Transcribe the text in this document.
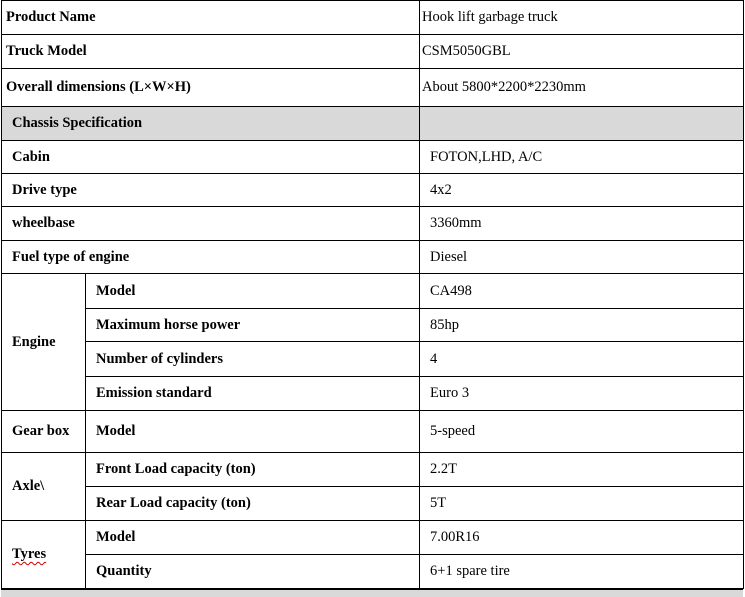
Product Name		Hook lift garbage truck
Truck Model		CSM5050GBL
Overall dimensions (L×W×H)		About 5800*2200*2230mm
Chassis Specification		
Cabin		FOTON,LHD, A/C
Drive type		4x2
wheelbase		3360mm
Fuel type of engine		Diesel
Engine	Model	CA498
	Maximum horse power	85hp
	Number of cylinders	4
	Emission standard	Euro 3
Gear box	Model	5-speed
Axle\	Front Load capacity (ton)	2.2T
	Rear Load capacity (ton)	5T
Tyres	Model	7.00R16
	Quantity	6+1 spare tire
